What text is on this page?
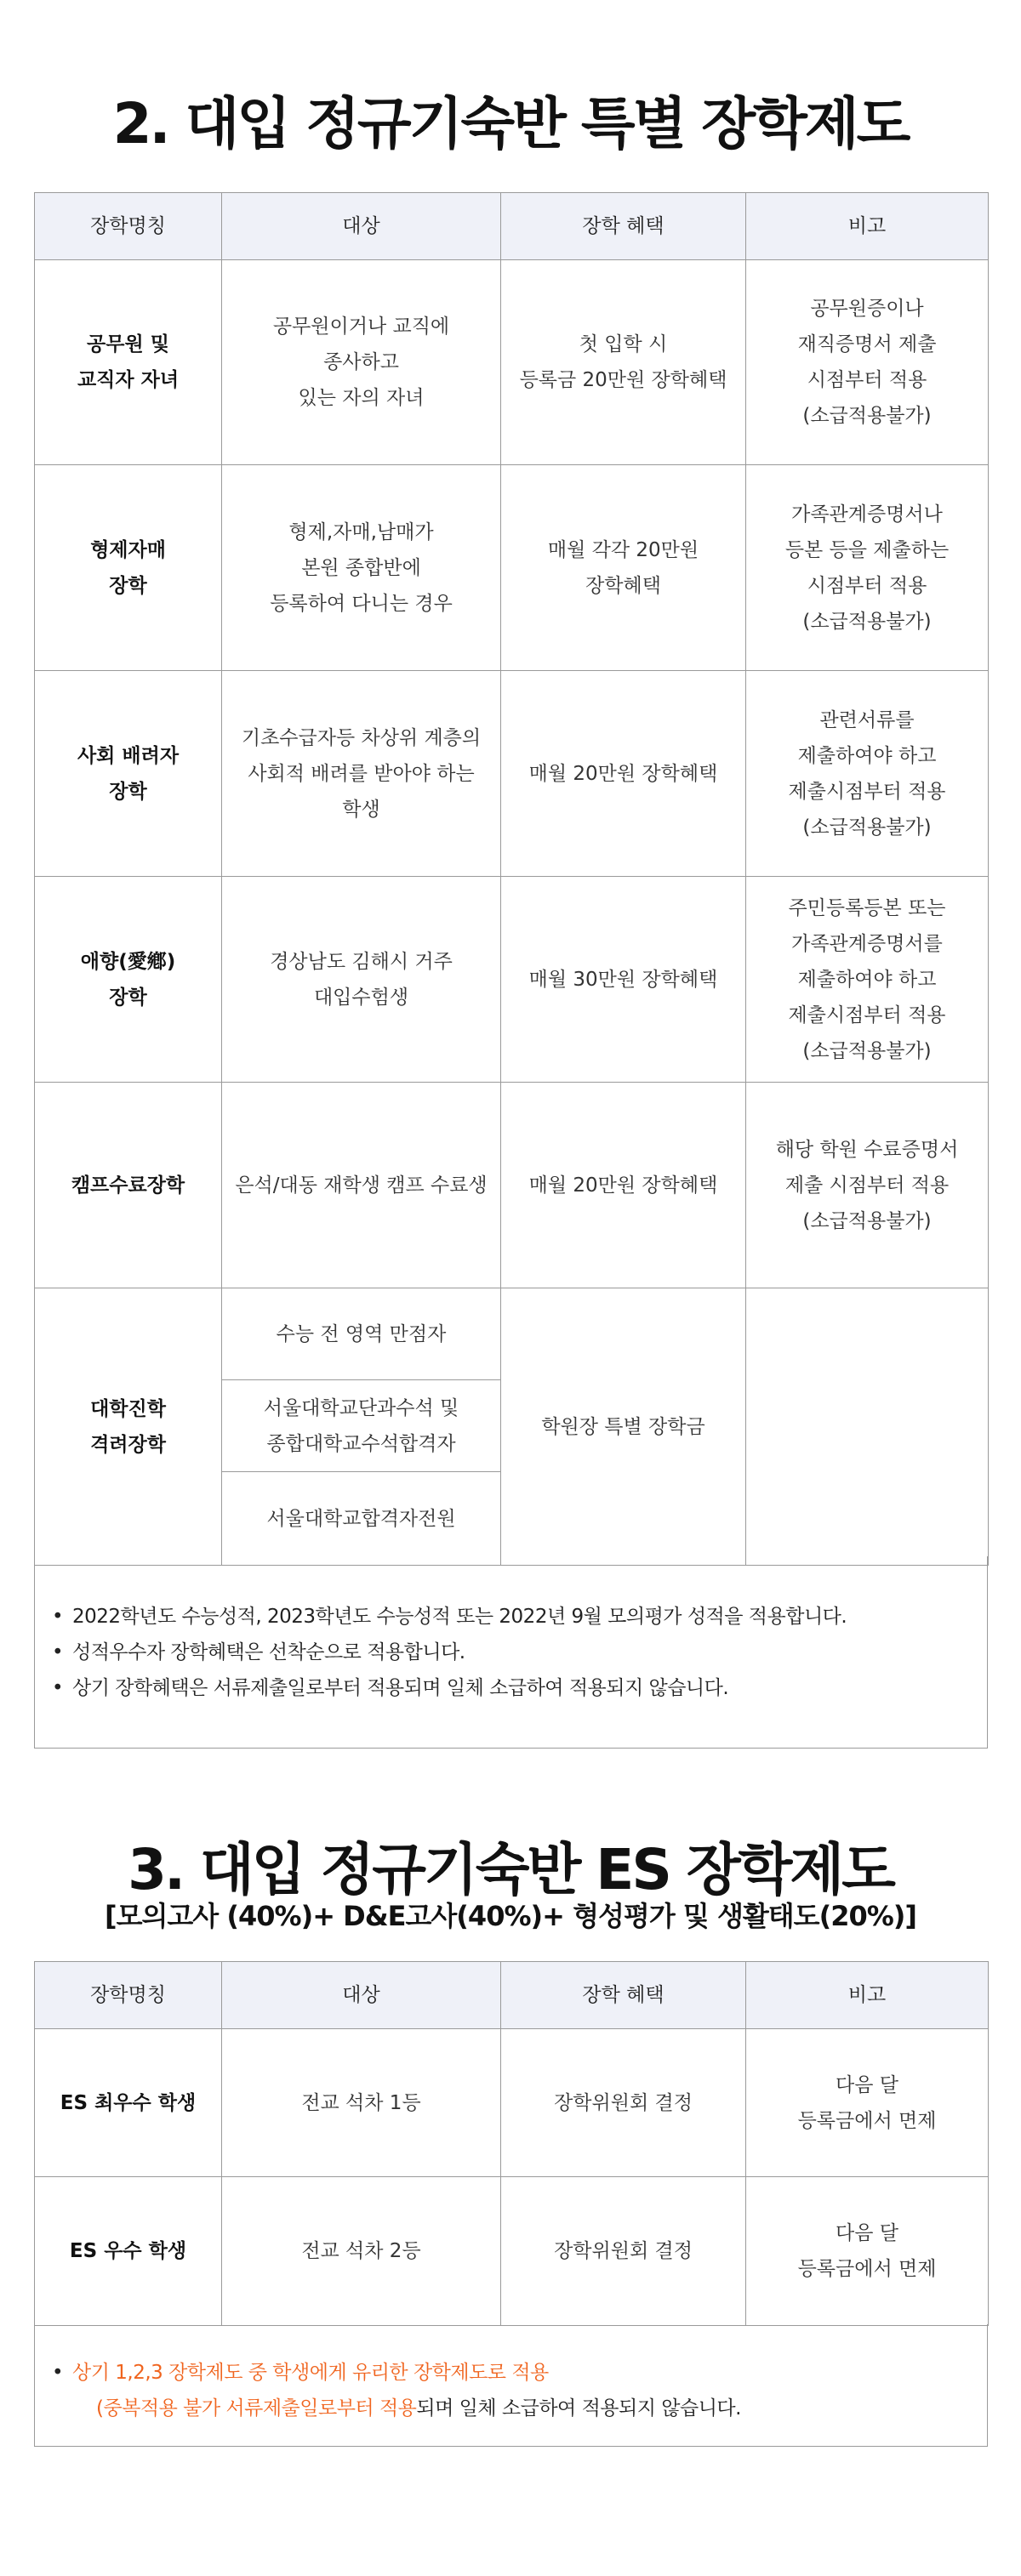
2. 대입 정규기숙반 특별 장학제도
장학명칭	대상	장학 혜택	비고

공무원 및
교직자 자녀	공무원이거나 교직에
종사하고
있는 자의 자녀	첫 입학 시
등록금 20만원 장학혜택	공무원증이나
재직증명서 제출
시점부터 적용
(소급적용불가)

형제자매
장학	형제,자매,남매가
본원 종합반에
등록하여 다니는 경우	매월 각각 20만원
장학혜택	가족관계증명서나
등본 등을 제출하는
시점부터 적용
(소급적용불가)

사회 배려자
장학	기초수급자등 차상위 계층의
사회적 배려를 받아야 하는
학생	매월 20만원 장학혜택	관련서류를
제출하여야 하고
제출시점부터 적용
(소급적용불가)

애향(愛鄕)
장학	경상남도 김해시 거주
대입수험생	매월 30만원 장학혜택	주민등록등본 또는
가족관계증명서를
제출하여야 하고
제출시점부터 적용
(소급적용불가)

캠프수료장학	은석/대동 재학생 캠프 수료생	매월 20만원 장학혜택	해당 학원 수료증명서
제출 시점부터 적용
(소급적용불가)

대학진학
격려장학	수능 전 영역 만점자	학원장 특별 장학금	

	서울대학교단과수석 및
종합대학교수석합격자		

	서울대학교합격자전원		
• 2022학년도 수능성적, 2023학년도 수능성적 또는 2022년 9월 모의평가 성적을 적용합니다.
• 성적우수자 장학혜택은 선착순으로 적용합니다.
• 상기 장학혜택은 서류제출일로부터 적용되며 일체 소급하여 적용되지 않습니다.
3. 대입 정규기숙반 ES 장학제도

[모의고사 (40%)+ D&E고사(40%)+ 형성평가 및 생활태도(20%)]

장학명칭	대상	장학 혜택	비고

ES 최우수 학생	전교 석차 1등	장학위원회 결정	다음 달
등록금에서 면제

ES 우수 학생	전교 석차 2등	장학위원회 결정	다음 달
등록금에서 면제
• 상기 1,2,3 장학제도 중 학생에게 유리한 장학제도로 적용
(중복적용 불가 서류제출일로부터 적용되며 일체 소급하여 적용되지 않습니다.
